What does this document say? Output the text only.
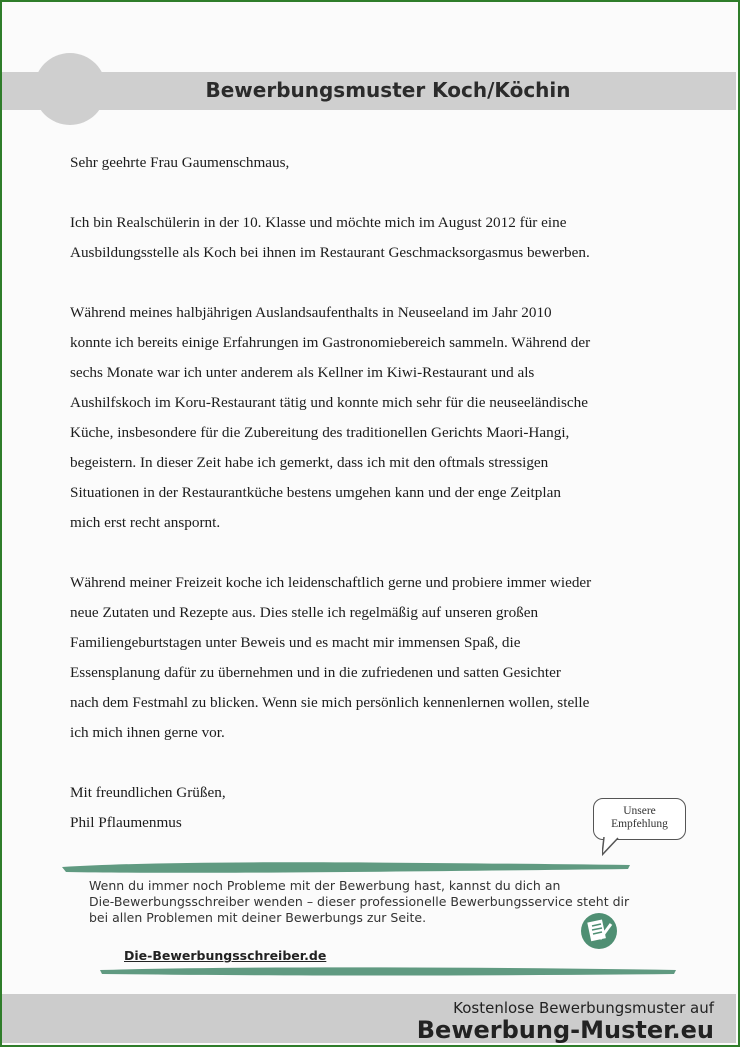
Bewerbungsmuster Koch/Köchin

Sehr geehrte Frau Gaumenschmaus,

Ich bin Realschülerin in der 10. Klasse und möchte mich im August 2012 für eine

Ausbildungsstelle als Koch bei ihnen im Restaurant Geschmacksorgasmus bewerben.

Während meines halbjährigen Auslandsaufenthalts in Neuseeland im Jahr 2010

konnte ich bereits einige Erfahrungen im Gastronomiebereich sammeln. Während der

sechs Monate war ich unter anderem als Kellner im Kiwi-Restaurant und als

Aushilfskoch im Koru-Restaurant tätig und konnte mich sehr für die neuseeländische

Küche, insbesondere für die Zubereitung des traditionellen Gerichts Maori-Hangi,

begeistern. In dieser Zeit habe ich gemerkt, dass ich mit den oftmals stressigen

Situationen in der Restaurantküche bestens umgehen kann und der enge Zeitplan

mich erst recht anspornt.

Während meiner Freizeit koche ich leidenschaftlich gerne und probiere immer wieder

neue Zutaten und Rezepte aus. Dies stelle ich regelmäßig auf unseren großen

Familiengeburtstagen unter Beweis und es macht mir immensen Spaß, die

Essensplanung dafür zu übernehmen und in die zufriedenen und satten Gesichter

nach dem Festmahl zu blicken. Wenn sie mich persönlich kennenlernen wollen, stelle

ich mich ihnen gerne vor.

Mit freundlichen Grüßen,

Phil Pflaumenmus

Unsere
Empfehlung
Wenn du immer noch Probleme mit der Bewerbung hast, kannst du dich an
Die-Bewerbungsschreiber wenden – dieser professionelle Bewerbungsservice steht dir
bei allen Problemen mit deiner Bewerbungs zur Seite.
Die-Bewerbungsschreiber.de
Kostenlose Bewerbungsmuster auf
Bewerbung-Muster.eu
